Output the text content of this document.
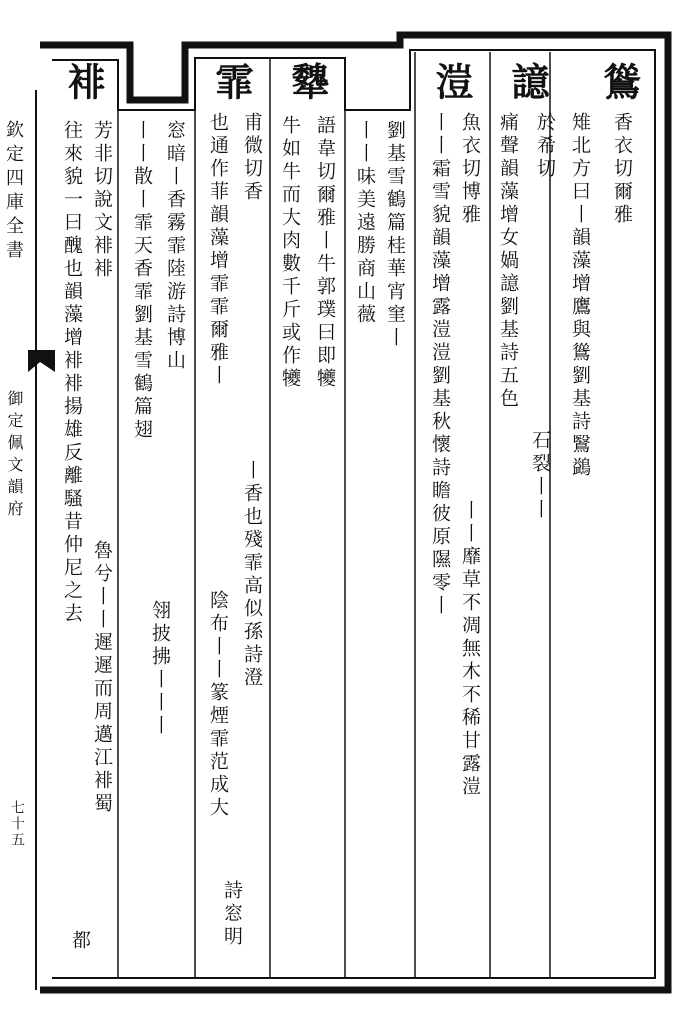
欽定四庫全書
御定佩文韻府
七十五
䳷
香衣切爾雅
雉北方曰丨韻藻增鷹與䳷劉基詩鷖鷁
譩
於希切
痛聲韻藻增女媧譩劉基詩五色
石裂丨丨
溰
魚衣切博雅
丨丨霜雪貌韻藻增露溰溰劉基秋懷詩瞻彼原隰零丨
丨丨靡草不凋無木不稀甘露溰
劉基雪鶴篇桂華宵窐丨
丨丨味美遠勝商山薇
犩
語韋切爾雅丨牛郭璞曰即犪
牛如牛而大肉數千斤或作犪
霏
甫微切香
也通作菲韻藻增霏霏爾雅丨
丨香也殘霏高似孫詩澄
陰布丨丨篆煙霏范成大
詩窓明
窓暗丨香霧霏陸游詩博山
丨丨散丨霏天香霏劉基雪鶴篇翅
翎披拂丨丨丨
裶
芳非切說文裶裶
往來貌一曰醜也韻藻增裶裶揚雄反離騷昔仲尼之去
魯兮丨丨遲遲而周邁江裶蜀
都
